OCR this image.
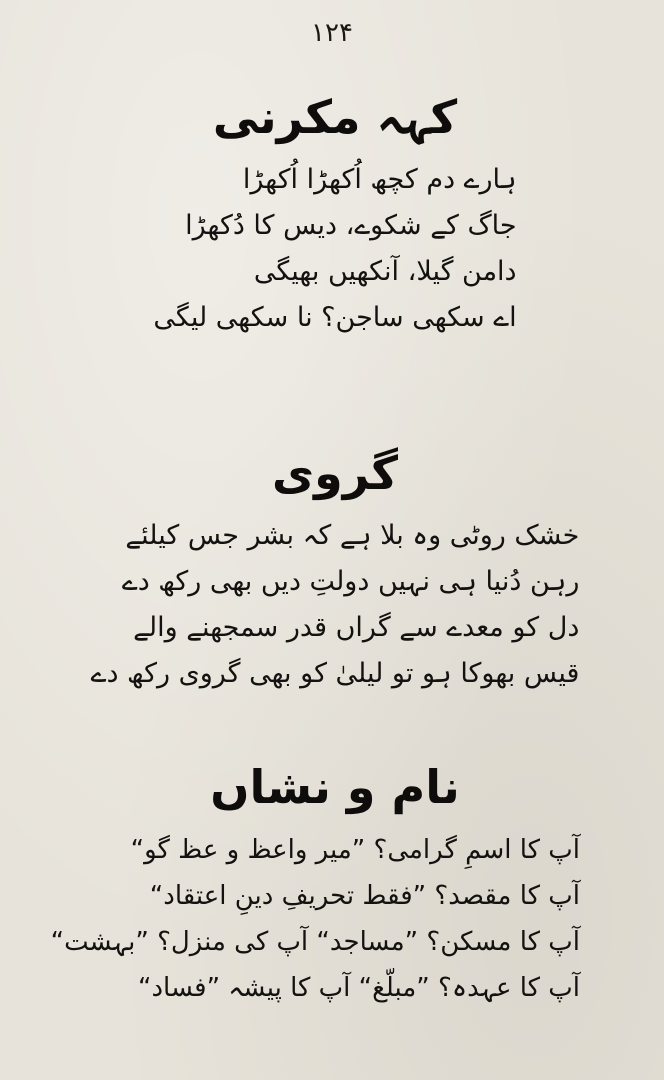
۱۲۴
کہہ مکرنی

ہارے دم کچھ اُکھڑا اُکھڑا

جاگ کے شکوے، دیس کا دُکھڑا

دامن گیلا، آنکھیں بھیگی

اے سکھی ساجن؟ نا سکھی لیگی

گروی

خشک روٹی وہ بلا ہے کہ بشر جس کیلئے

رہن دُنیا ہی نہیں دولتِ دیں بھی رکھ دے

دل کو معدے سے گراں قدر سمجھنے والے

قیس بھوکا ہو تو لیلیٰ کو بھی گروی رکھ دے

نام و نشاں

آپ کا اسمِ گرامی؟ ”میر واعظ و عظ گو“

آپ کا مقصد؟ ”فقط تحریفِ دینِ اعتقاد“

آپ کا مسکن؟ ”مساجد“ آپ کی منزل؟ ”بہشت“

آپ کا عہدہ؟ ”مبلّغ“ آپ کا پیشہ ”فساد“
